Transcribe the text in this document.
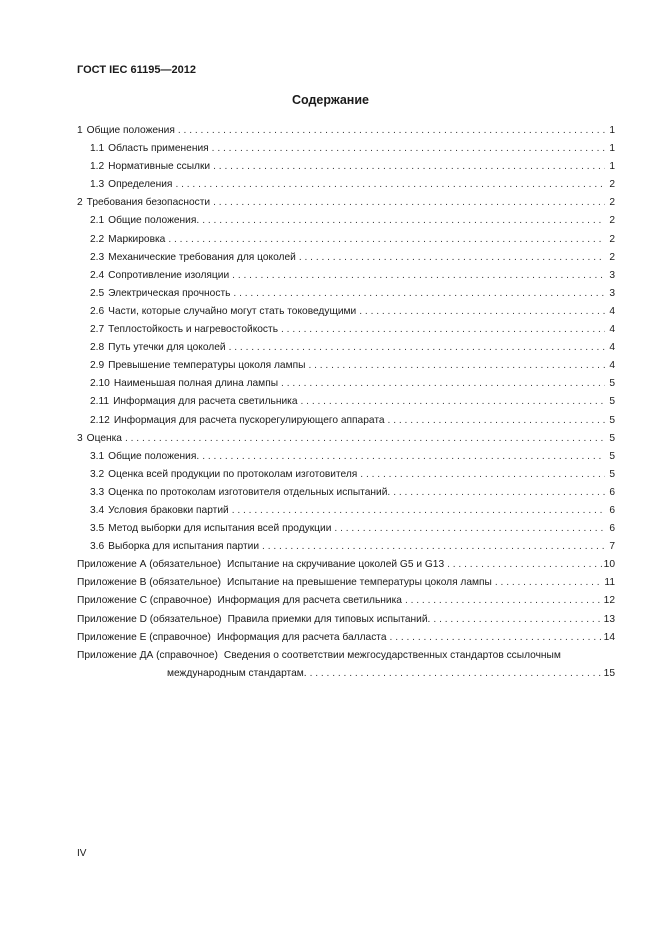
ГОСТ IEC 61195—2012
Содержание
1 Общие положения . . .	1
1.1 Область применения . . .	1
1.2 Нормативные ссылки . . .	1
1.3 Определения . . .	2
2 Требования безопасности . . .	2
2.1 Общие положения. . . .	2
2.2 Маркировка . . .	2
2.3 Механические требования для цоколей . . .	2
2.4 Сопротивление изоляции . . .	3
2.5 Электрическая прочность . . .	3
2.6 Части, которые случайно могут стать токоведущими . . .	4
2.7 Теплостойкость и нагревостойкость . . .	4
2.8 Путь утечки для цоколей . . .	4
2.9 Превышение температуры цоколя лампы . . .	4
2.10 Наименьшая полная длина лампы . . .	5
2.11 Информация для расчета светильника . . .	5
2.12 Информация для расчета пускорегулирующего аппарата . . .	5
3 Оценка . . .	5
3.1 Общие положения. . . .	5
3.2 Оценка всей продукции по протоколам изготовителя . . .	5
3.3 Оценка по протоколам изготовителя отдельных испытаний. . . .	6
3.4 Условия браковки партий . . .	6
3.5 Метод выборки для испытания всей продукции . . .	6
3.6 Выборка для испытания партии . . .	7
Приложение А (обязательное) Испытание на скручивание цоколей G5 и G13 . . .	10
Приложение В (обязательное) Испытание на превышение температуры цоколя лампы . . .	11
Приложение С (справочное) Информация для расчета светильника . . .	12
Приложение D (обязательное) Правила приемки для типовых испытаний. . . .	13
Приложение Е (справочное) Информация для расчета балласта . . .	14
Приложение ДА (справочное) Сведения о соответствии межгосударственных стандартов ссылочным
международным стандартам. . . .	15
IV
